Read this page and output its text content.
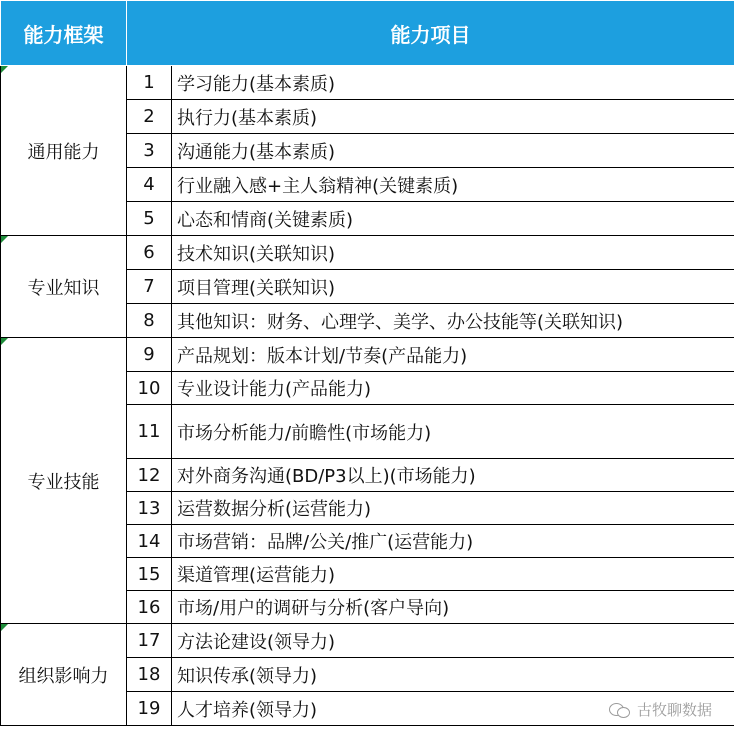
能力框架	能力项目	

通用能力	1	学习能力(基本素质)
	2	执行力(基本素质)
	3	沟通能力(基本素质)
	4	行业融入感+主人翁精神(关键素质)
	5	心态和情商(关键素质)

专业知识	6	技术知识(关联知识)
	7	项目管理(关联知识)
	8	其他知识：财务、心理学、美学、办公技能等(关联知识)

专业技能	9	产品规划：版本计划/节奏(产品能力)
	10	专业设计能力(产品能力)
	11	市场分析能力/前瞻性(市场能力)
	12	对外商务沟通(BD/P3以上)(市场能力)
	13	运营数据分析(运营能力)
	14	市场营销：品牌/公关/推广(运营能力)
	15	渠道管理(运营能力)
	16	市场/用户的调研与分析(客户导向)

组织影响力	17	方法论建设(领导力)
	18	知识传承(领导力)
	19	人才培养(领导力)	古牧聊数据
